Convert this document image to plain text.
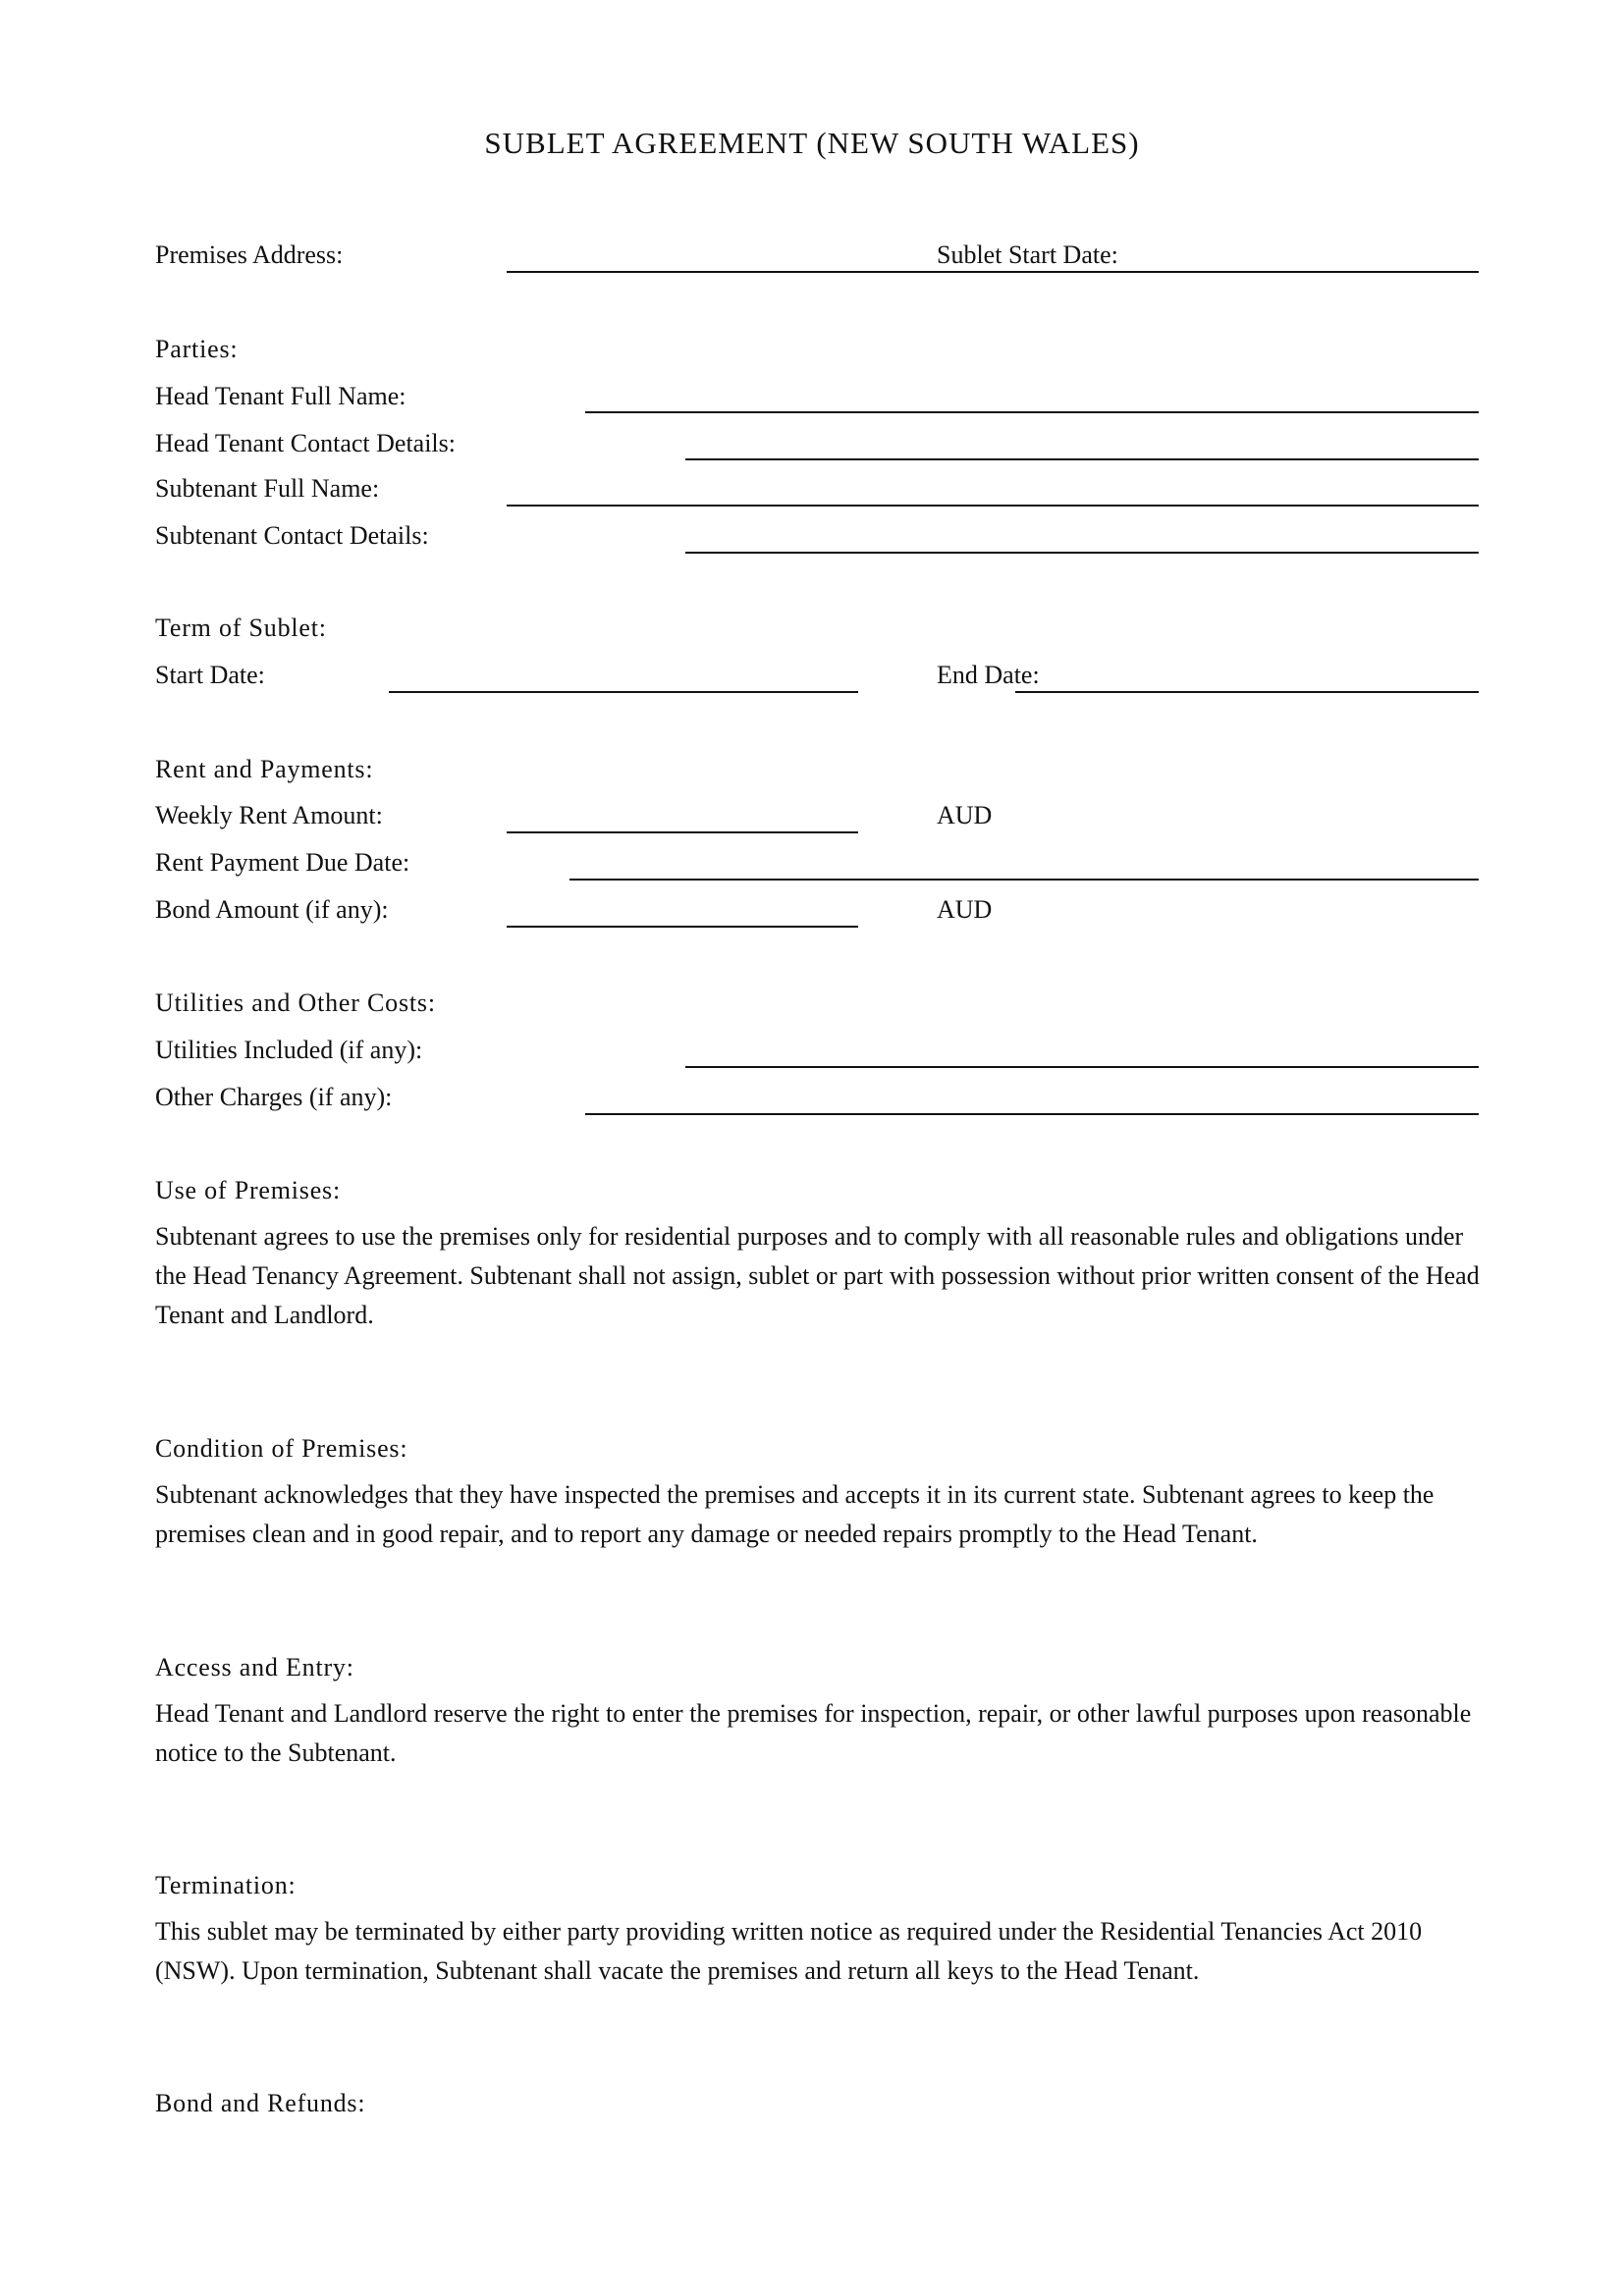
SUBLET AGREEMENT (NEW SOUTH WALES)
Premises Address:	Sublet Start Date:
Parties:
Head Tenant Full Name:
Head Tenant Contact Details:
Subtenant Full Name:
Subtenant Contact Details:
Term of Sublet:
Start Date:	End Date:
Rent and Payments:
Weekly Rent Amount:	AUD
Rent Payment Due Date:
Bond Amount (if any):	AUD
Utilities and Other Costs:
Utilities Included (if any):
Other Charges (if any):
Use of Premises:

Subtenant agrees to use the premises only for residential purposes and to comply with all reasonable rules and obligations under the Head Tenancy Agreement. Subtenant shall not assign, sublet or part with possession without prior written consent of the Head Tenant and Landlord.

Condition of Premises:

Subtenant acknowledges that they have inspected the premises and accepts it in its current state. Subtenant agrees to keep the premises clean and in good repair, and to report any damage or needed repairs promptly to the Head Tenant.

Access and Entry:

Head Tenant and Landlord reserve the right to enter the premises for inspection, repair, or other lawful purposes upon reasonable notice to the Subtenant.

Termination:

This sublet may be terminated by either party providing written notice as required under the Residential Tenancies Act 2010 (NSW). Upon termination, Subtenant shall vacate the premises and return all keys to the Head Tenant.

Bond and Refunds:
